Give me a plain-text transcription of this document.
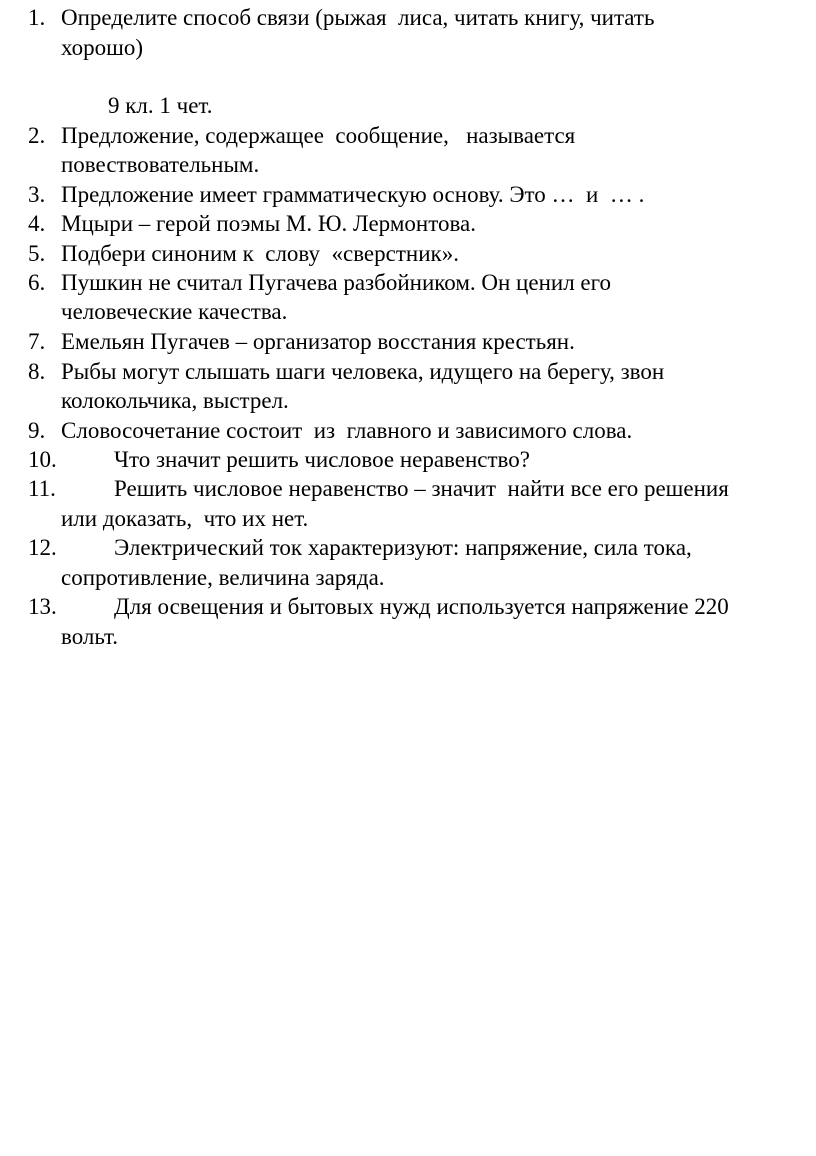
1. Определите способ связи (рыжая  лиса, читать книгу, читать
хорошо)
9 кл. 1 чет.
2. Предложение, содержащее  сообщение,   называется
повествовательным.
3. Предложение имеет грамматическую основу. Это …  и  … .
4. Мцыри – герой поэмы М. Ю. Лермонтова.
5. Подбери синоним к  слову  «сверстник».
6. Пушкин не считал Пугачева разбойником. Он ценил его
человеческие качества.
7. Емельян Пугачев – организатор восстания крестьян.
8. Рыбы могут слышать шаги человека, идущего на берегу, звон
колокольчика, выстрел.
9. Словосочетание состоит  из  главного и зависимого слова.
10. Что значит решить числовое неравенство?
11.	Решить числовое неравенство – значит  найти все его решения
или доказать,  что их нет.
12. Электрический ток характеризуют: напряжение, сила тока,
сопротивление, величина заряда.
13. Для освещения и бытовых нужд используется напряжение 220
вольт.
